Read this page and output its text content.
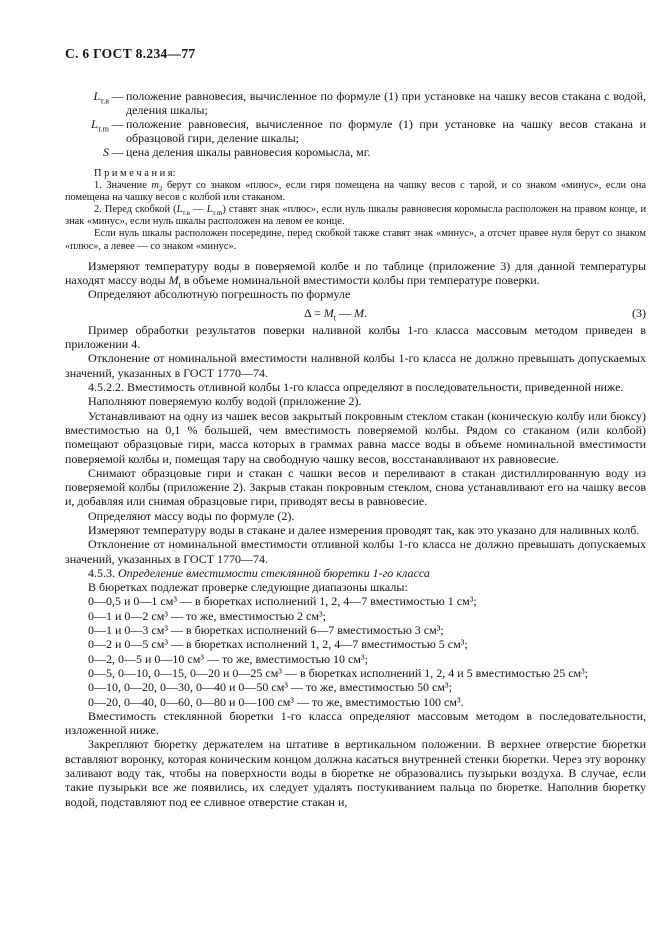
С. 6 ГОСТ 8.234—77
$L_{т.в}$ — положение равновесия, вычисленное по формуле (1) при установке на чашку весов стакана с водой, деления шкалы;
$L_{т.m}$ — положение равновесия, вычисленное по формуле (1) при установке на чашку весов стакана и образцовой гири, деление шкалы;
S — цена деления шкалы равновесия коромысла, мг.
П р и м е ч а н и я:

1. Значение $m_2$ берут со знаком «плюс», если гиря помещена на чашку весов с тарой, и со знаком «минус», если она помещена на чашку весов с колбой или стаканом.

2. Перед скобкой ($L_{т.в}$ — $L_{т.m}$) ставят знак «плюс», если нуль шкалы равновесия коромысла расположен на правом конце, и знак «минус», если нуль шкалы расположен на левом ее конце.

Если нуль шкалы расположен посередине, перед скобкой также ставят знак «минус», а отсчет правее нуля берут со знаком «плюс», а левее — со знаком «минус».

Измеряют температуру воды в поверяемой колбе и по таблице (приложение 3) для данной температуры находят массу воды $M_t$ в объеме номинальной вместимости колбы при температуре поверки.

Определяют абсолютную погрешность по формуле

$\Delta = M_t$ — M.	(3)

Пример обработки результатов поверки наливной колбы 1-го класса массовым методом приведен в приложении 4.

Отклонение от номинальной вместимости наливной колбы 1-го класса не должно превышать допускаемых значений, указанных в ГОСТ 1770—74.

4.5.2.2. Вместимость отливной колбы 1-го класса определяют в последовательности, приведенной ниже.

Наполняют поверяемую колбу водой (приложение 2).

Устанавливают на одну из чашек весов закрытый покровным стеклом стакан (коническую колбу или бюксу) вместимостью на 0,1 % большей, чем вместимость поверяемой колбы. Рядом со стаканом (или колбой) помещают образцовые гири, масса которых в граммах равна массе воды в объеме номинальной вместимости поверяемой колбы и, помещая тару на свободную чашку весов, восстанавливают их равновесие.

Снимают образцовые гири и стакан с чашки весов и переливают в стакан дистиллированную воду из поверяемой колбы (приложение 2). Закрыв стакан покровным стеклом, снова устанавливают его на чашку весов и, добавляя или снимая образцовые гири, приводят весы в равновесие.

Определяют массу воды по формуле (2).

Измеряют температуру воды в стакане и далее измерения проводят так, как это указано для наливных колб.

Отклонение от номинальной вместимости отливной колбы 1-го класса не должно превышать допускаемых значений, указанных в ГОСТ 1770—74.

4.5.3. Определение вместимости стеклянной бюретки 1-го класса

В бюретках подлежат проверке следующие диапазоны шкалы:

0—0,5 и 0—1 см³ — в бюретках исполнений 1, 2, 4—7 вместимостью 1 см³;
0—1 и 0—2 см³ — то же, вместимостью 2 см³;
0—1 и 0—3 см³ — в бюретках исполнений 6—7 вместимостью 3 см³;
0—2 и 0—5 см³ — в бюретках исполнений 1, 2, 4—7 вместимостью 5 см³;
0—2, 0—5 и 0—10 см³ — то же, вместимостью 10 см³;
0—5, 0—10, 0—15, 0—20 и 0—25 см³ — в бюретках исполнений 1, 2, 4 и 5 вместимостью 25 см³;
0—10, 0—20, 0—30, 0—40 и 0—50 см³ — то же, вместимостью 50 см³;
0—20, 0—40, 0—60, 0—80 и 0—100 см³ — то же, вместимостью 100 см³.

Вместимость стеклянной бюретки 1-го класса определяют массовым методом в последовательности, изложенной ниже.

Закрепляют бюретку держателем на штативе в вертикальном положении. В верхнее отверстие бюретки вставляют воронку, которая коническим концом должна касаться внутренней стенки бюретки. Через эту воронку заливают воду так, чтобы на поверхности воды в бюретке не образовались пузырьки воздуха. В случае, если такие пузырьки все же появились, их следует удалять постукиванием пальца по бюретке. Наполнив бюретку водой, подставляют под ее сливное отверстие стакан и,
